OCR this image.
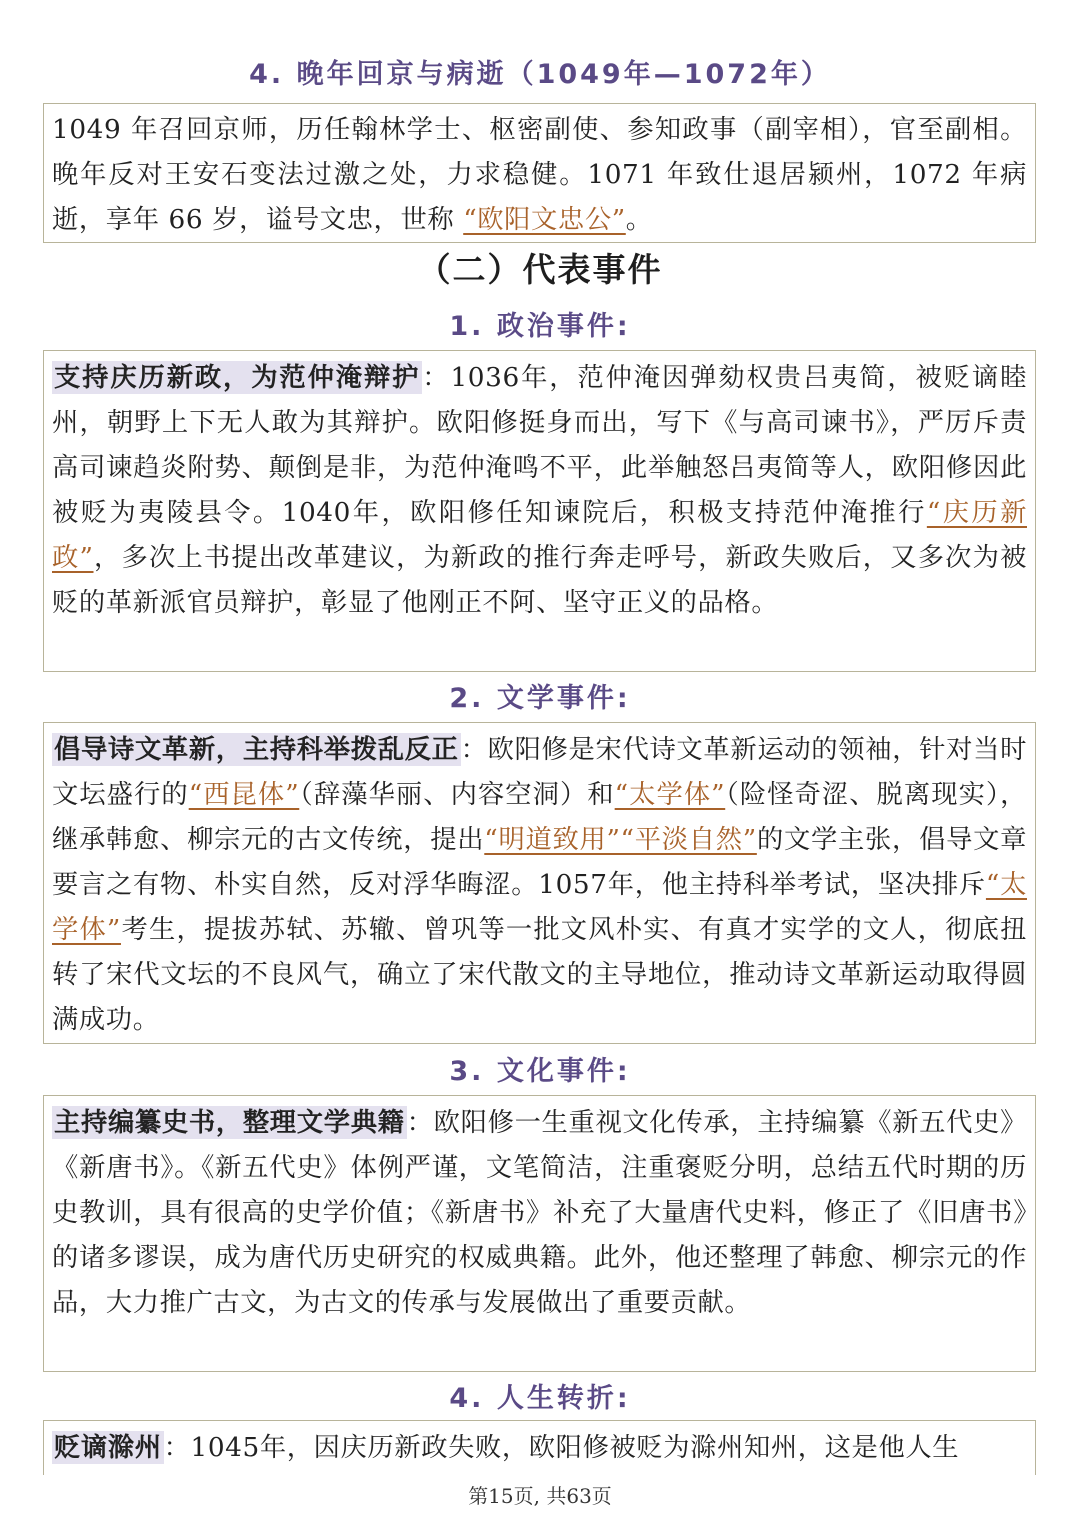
4. 晚年回京与病逝（1049年—1072年）
1049 年召回京师，历任翰林学士、枢密副使、参知政事（副宰相），官至副相。晚年反对王安石变法过激之处，力求稳健。1071 年致仕退居颍州，1072 年病逝，享年 66 岁，谥号文忠，世称 “欧阳文忠公”。
（二）代表事件
1. 政治事件:
支持庆历新政，为范仲淹辩护：1036年，范仲淹因弹劾权贵吕夷简，被贬谪睦州，朝野上下无人敢为其辩护。欧阳修挺身而出，写下《与高司谏书》，严厉斥责高司谏趋炎附势、颠倒是非，为范仲淹鸣不平，此举触怒吕夷简等人，欧阳修因此被贬为夷陵县令。1040年，欧阳修任知谏院后，积极支持范仲淹推行“庆历新政”，多次上书提出改革建议，为新政的推行奔走呼号，新政失败后，又多次为被贬的革新派官员辩护，彰显了他刚正不阿、坚守正义的品格。
2. 文学事件:
倡导诗文革新，主持科举拨乱反正：欧阳修是宋代诗文革新运动的领袖，针对当时文坛盛行的“西昆体”（辞藻华丽、内容空洞）和“太学体”（险怪奇涩、脱离现实），继承韩愈、柳宗元的古文传统，提出“明道致用”“平淡自然”的文学主张，倡导文章要言之有物、朴实自然，反对浮华晦涩。1057年，他主持科举考试，坚决排斥“太学体”考生，提拔苏轼、苏辙、曾巩等一批文风朴实、有真才实学的文人，彻底扭转了宋代文坛的不良风气，确立了宋代散文的主导地位，推动诗文革新运动取得圆满成功。
3. 文化事件:
主持编纂史书，整理文学典籍：欧阳修一生重视文化传承，主持编纂《新五代史》《新唐书》。《新五代史》体例严谨，文笔简洁，注重褒贬分明，总结五代时期的历史教训，具有很高的史学价值；《新唐书》补充了大量唐代史料，修正了《旧唐书》的诸多谬误，成为唐代历史研究的权威典籍。此外，他还整理了韩愈、柳宗元的作品，大力推广古文，为古文的传承与发展做出了重要贡献。
4. 人生转折:
贬谪滁州：1045年，因庆历新政失败，欧阳修被贬为滁州知州，这是他人生
第15页, 共63页
